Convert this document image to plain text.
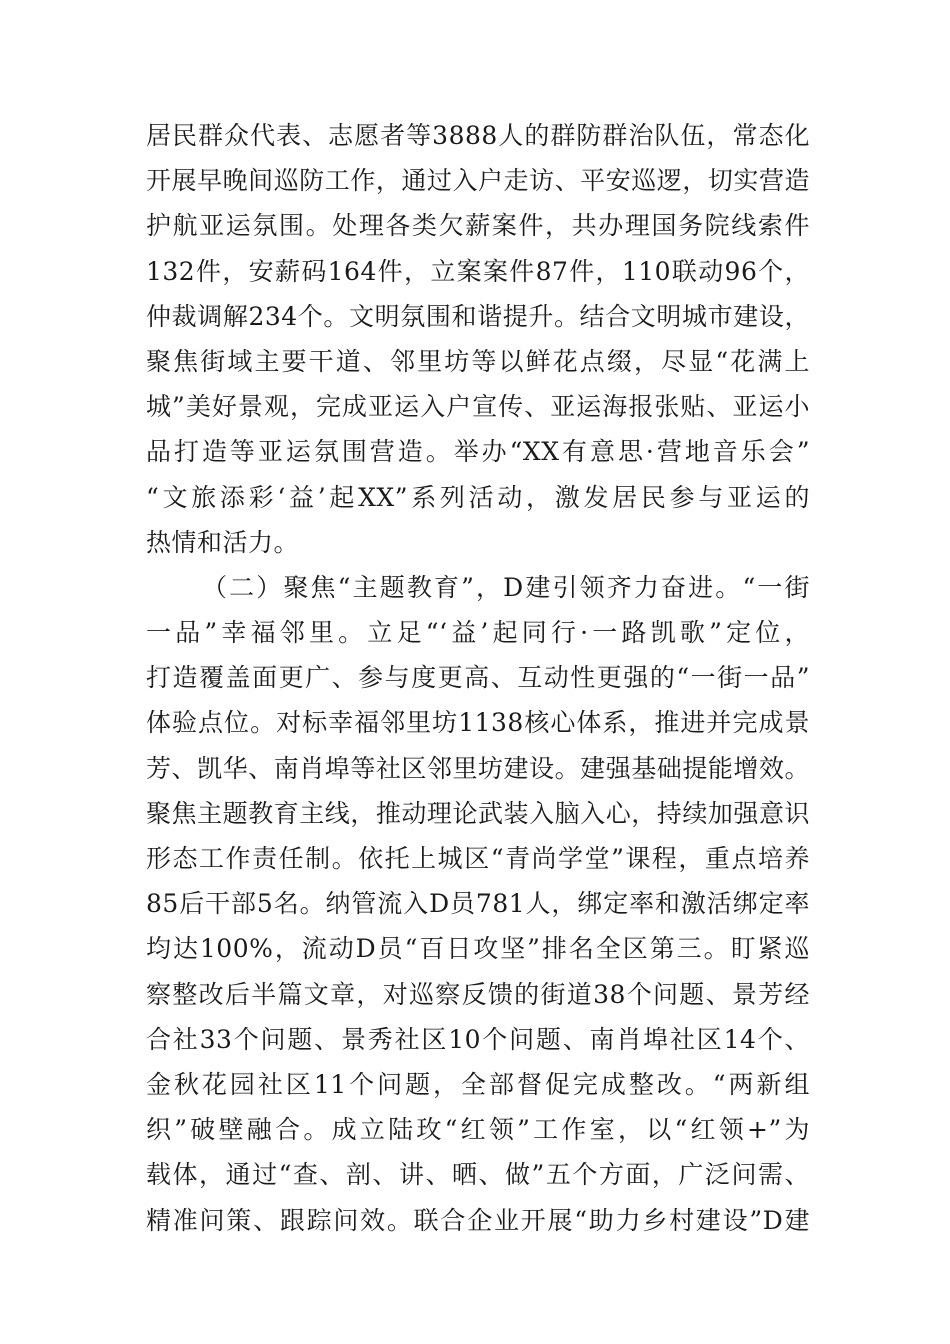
居民群众代表、志愿者等3888人的群防群治队伍，常态化
开展早晚间巡防工作，通过入户走访、平安巡逻，切实营造
护航亚运氛围。处理各类欠薪案件，共办理国务院线索件
132件，安薪码164件，立案案件87件，110联动96个，
仲裁调解234个。文明氛围和谐提升。结合文明城市建设，
聚焦街域主要干道、邻里坊等以鲜花点缀，尽显“花满上
城”美好景观，完成亚运入户宣传、亚运海报张贴、亚运小
品打造等亚运氛围营造。举办“XX有意思·营地音乐会”
“文旅添彩‘益’起XX”系列活动，激发居民参与亚运的
热情和活力。
（二）聚焦“主题教育”，D建引领齐力奋进。“一街
一品”幸福邻里。立足“‘益’起同行·一路凯歌”定位，
打造覆盖面更广、参与度更高、互动性更强的“一街一品”
体验点位。对标幸福邻里坊1138核心体系，推进并完成景
芳、凯华、南肖埠等社区邻里坊建设。建强基础提能增效。
聚焦主题教育主线，推动理论武装入脑入心，持续加强意识
形态工作责任制。依托上城区“青尚学堂”课程，重点培养
85后干部5名。纳管流入D员781人，绑定率和激活绑定率
均达100%，流动D员“百日攻坚”排名全区第三。盯紧巡
察整改后半篇文章，对巡察反馈的街道38个问题、景芳经
合社33个问题、景秀社区10个问题、南肖埠社区14个、
金秋花园社区11个问题，全部督促完成整改。“两新组
织”破壁融合。成立陆玫“红领”工作室，以“红领+”为
载体，通过“查、剖、讲、晒、做”五个方面，广泛问需、
精准问策、跟踪问效。联合企业开展“助力乡村建设”D建
